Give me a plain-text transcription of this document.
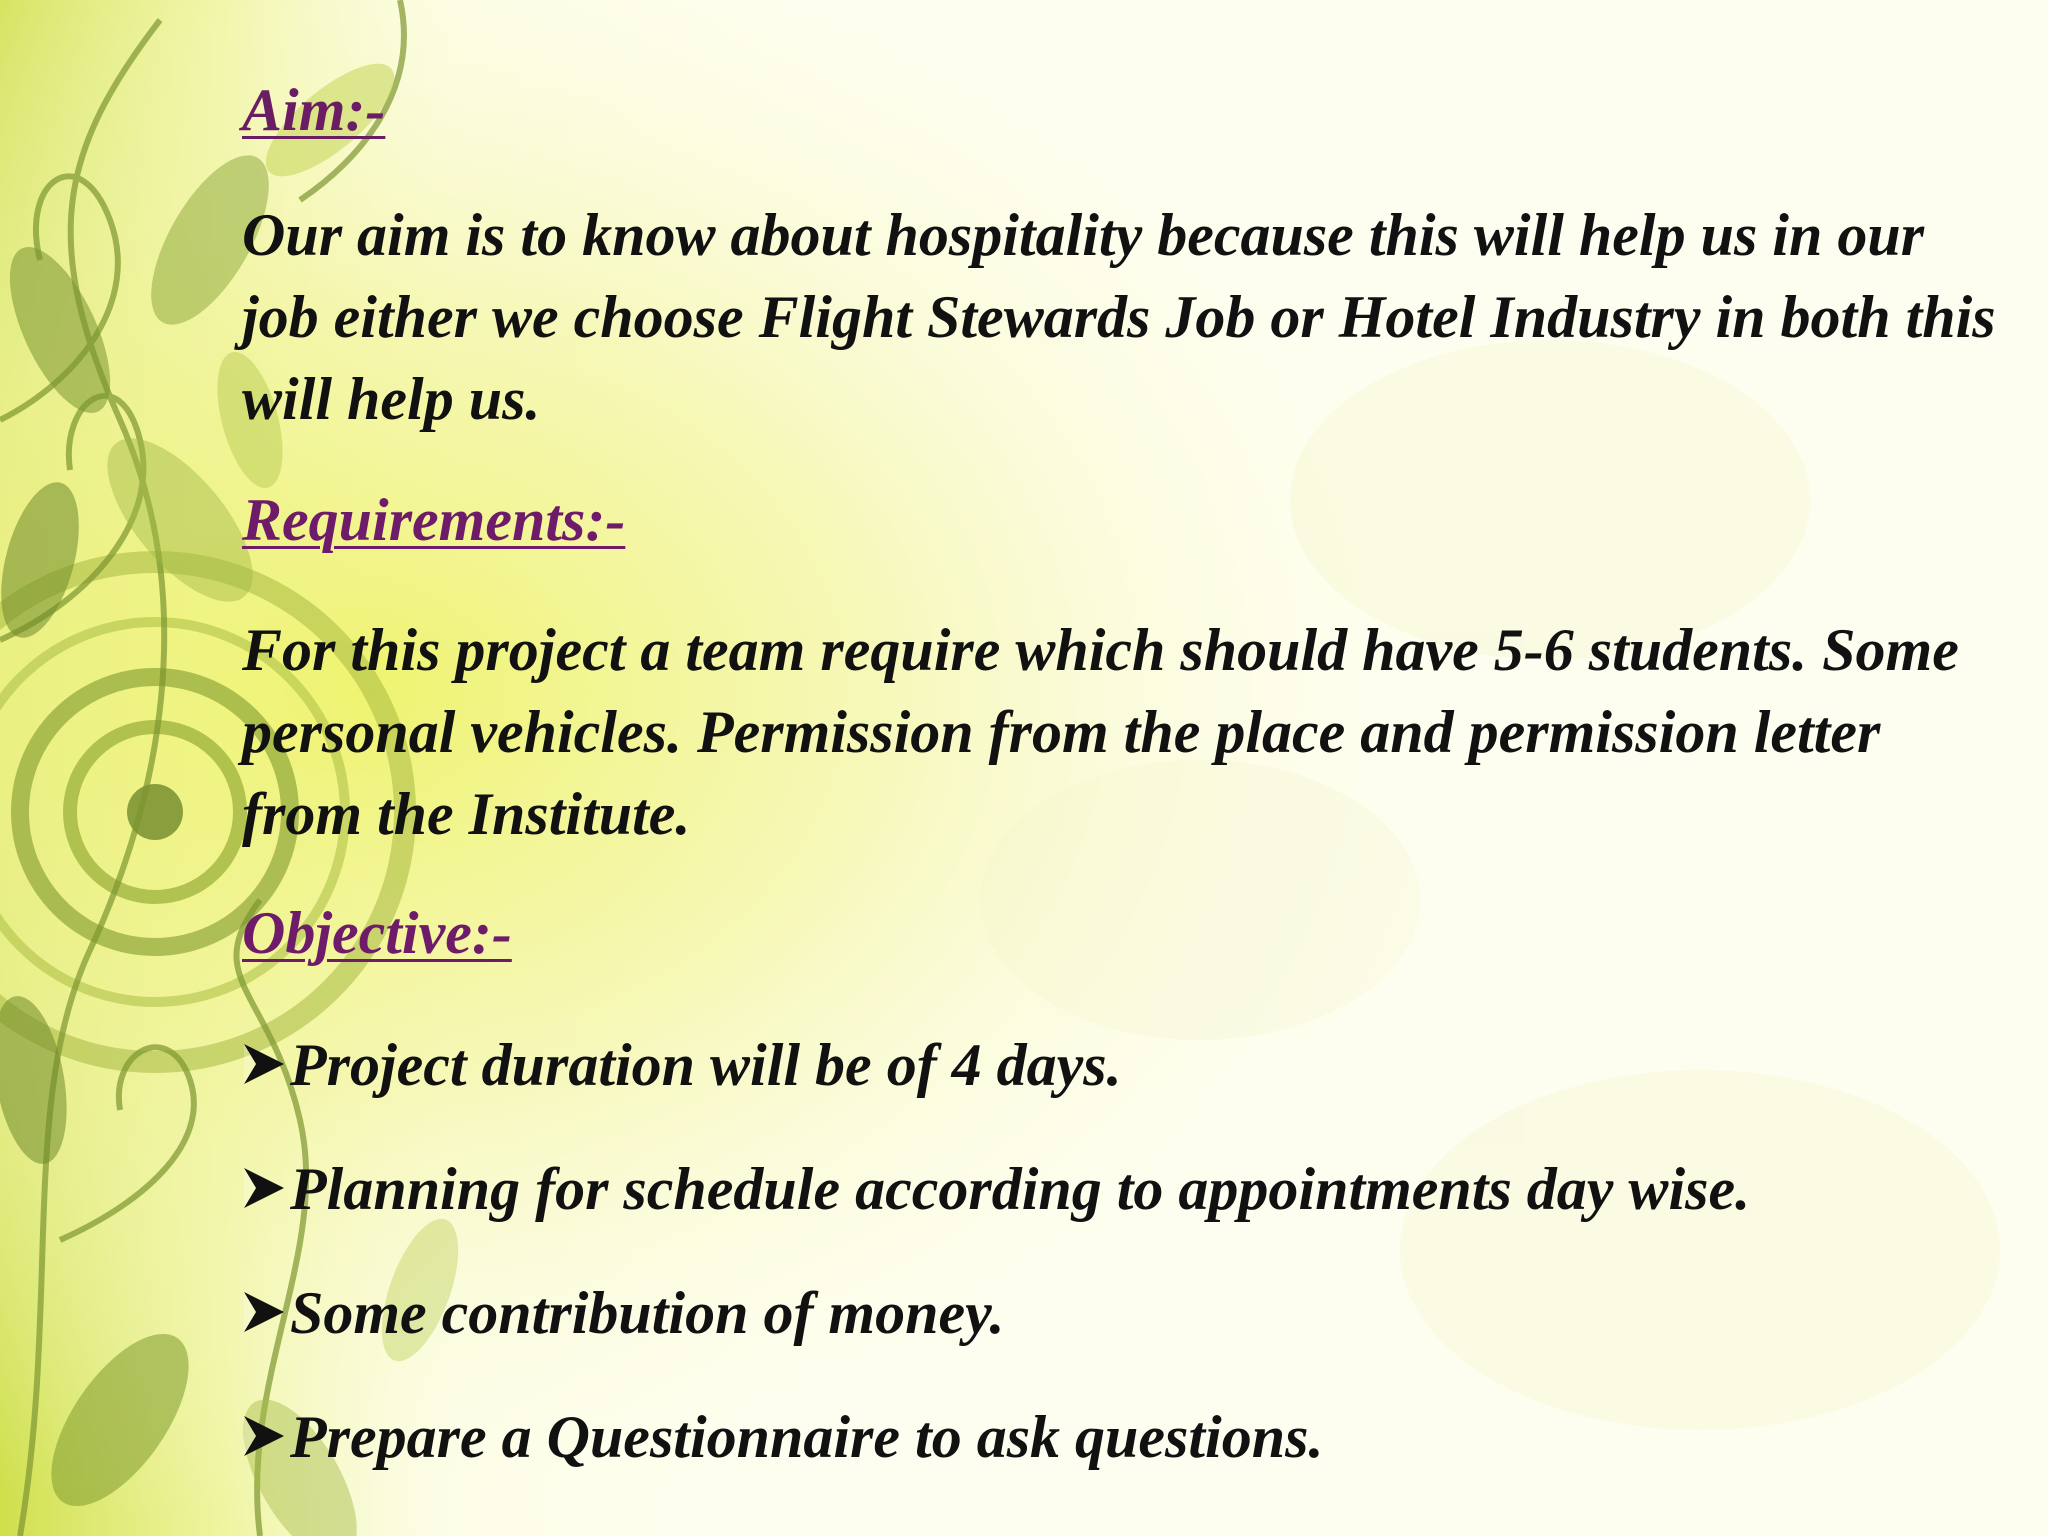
Aim:-

Our aim is to know about hospitality because this will help us in our job either we choose Flight Stewards Job or Hotel Industry in both this will help us.

Requirements:-

For this project a team require which should have 5-6 students. Some personal vehicles. Permission from the place and permission letter from the Institute.

Objective:-
Project duration will be of 4 days.
Planning for schedule according to appointments day wise.
Some contribution of money.
Prepare a Questionnaire to ask questions.
